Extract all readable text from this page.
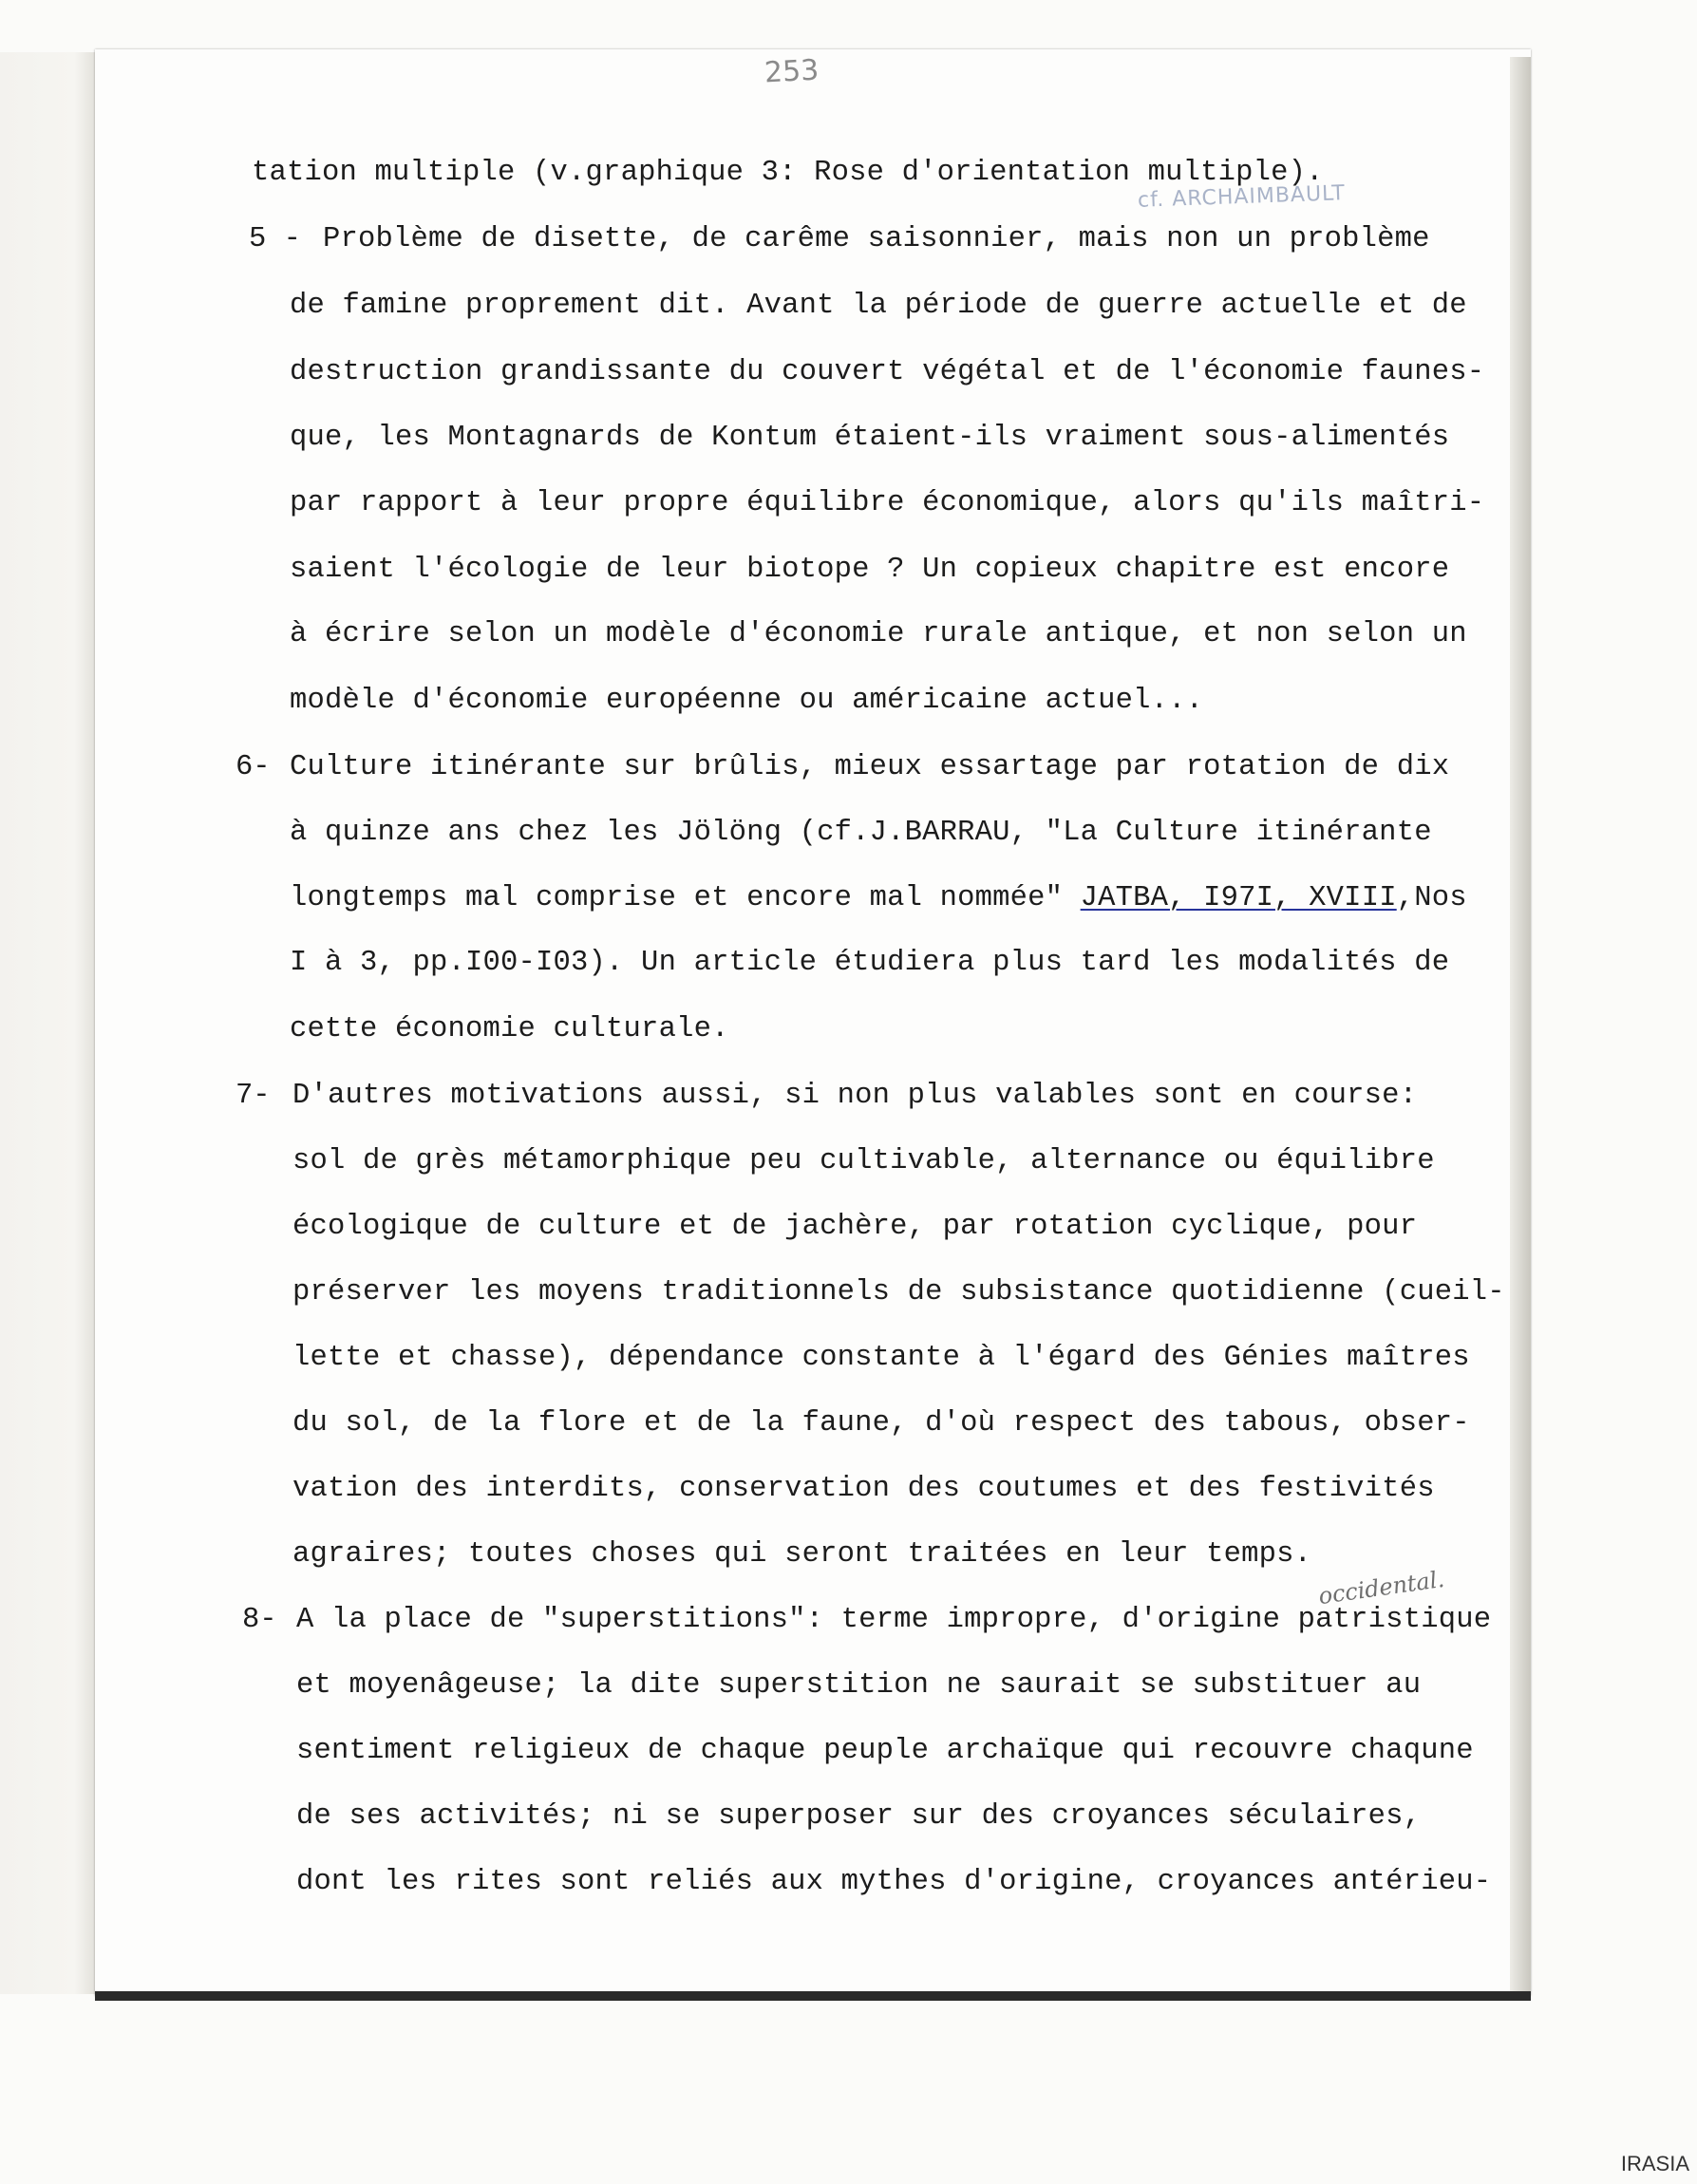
253
cf. ARCHAIMBAULT
occidental.
tation multiple (v.graphique 3: Rose d'orientation multiple).
5 - Problème de disette, de carême saisonnier, mais non un problème
de famine proprement dit. Avant la période de guerre actuelle et de
destruction grandissante du couvert végétal et de l'économie faunes-
que, les Montagnards de Kontum étaient-ils vraiment sous-alimentés
par rapport à leur propre équilibre économique, alors qu'ils maîtri-
saient l'écologie de leur biotope ? Un copieux chapitre est encore
à écrire selon un modèle d'économie rurale antique, et non selon un
modèle d'économie européenne ou américaine actuel...
6- Culture itinérante sur brûlis, mieux essartage par rotation de dix
à quinze ans chez les Jölöng (cf.J.BARRAU, "La Culture itinérante
longtemps mal comprise et encore mal nommée" JATBA, I97I, XVIII,Nos
I à 3, pp.I00-I03). Un article étudiera plus tard les modalités de
cette économie culturale.
7- D'autres motivations aussi, si non plus valables sont en course:
sol de grès métamorphique peu cultivable, alternance ou équilibre
écologique de culture et de jachère, par rotation cyclique, pour
préserver les moyens traditionnels de subsistance quotidienne (cueil-
lette et chasse), dépendance constante à l'égard des Génies maîtres
du sol, de la flore et de la faune, d'où respect des tabous, obser-
vation des interdits, conservation des coutumes et des festivités
agraires; toutes choses qui seront traitées en leur temps.
8- A la place de "superstitions": terme impropre, d'origine patristique
et moyenâgeuse; la dite superstition ne saurait se substituer au
sentiment religieux de chaque peuple archaïque qui recouvre chaqune
de ses activités; ni se superposer sur des croyances séculaires,
dont les rites sont reliés aux mythes d'origine, croyances antérieu-
IRASIA
